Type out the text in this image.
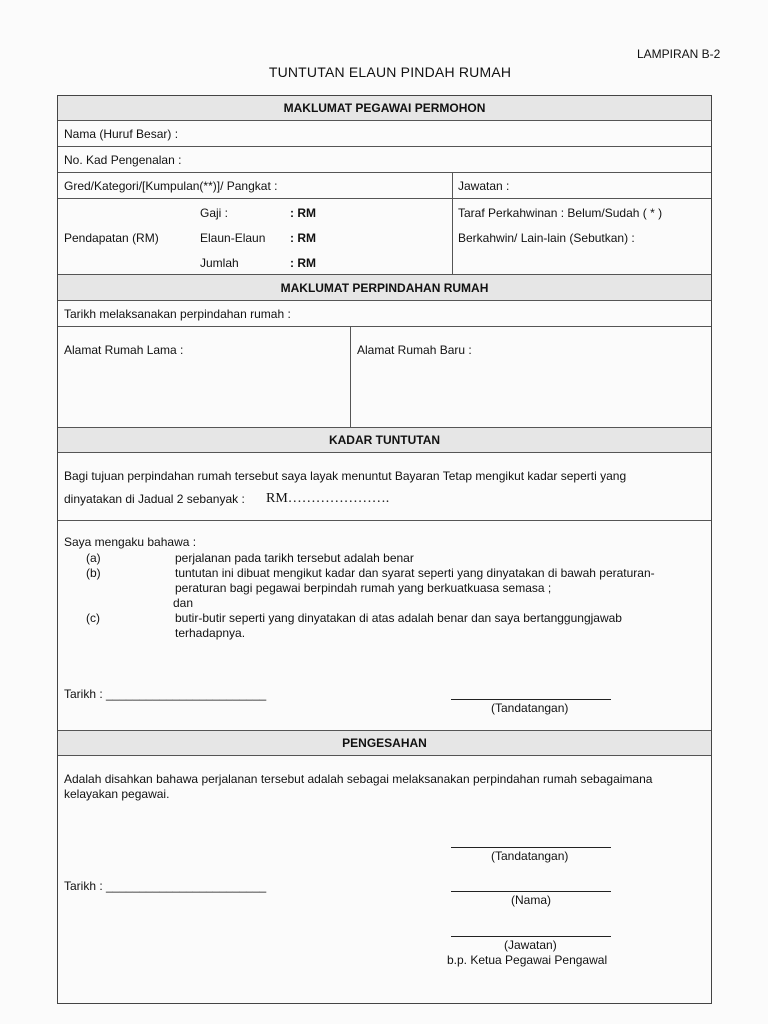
LAMPIRAN B-2
TUNTUTAN ELAUN PINDAH RUMAH
MAKLUMAT PEGAWAI PERMOHON
Nama (Huruf Besar) :
No. Kad Pengenalan :
Gred/Kategori/[Kumpulan(**)]/ Pangkat :	Jawatan :
Pendapatan (RM)
Gaji :	: RM
Elaun-Elaun : RM
Jumlah	: RM
Taraf Perkahwinan : Belum/Sudah ( * )
Berkahwin/ Lain-lain (Sebutkan) :
MAKLUMAT PERPINDAHAN RUMAH
Tarikh melaksanakan perpindahan rumah :
Alamat Rumah Lama :	Alamat Rumah Baru :
KADAR TUNTUTAN
Bagi tujuan perpindahan rumah tersebut saya layak menuntut Bayaran Tetap mengikut kadar seperti yang
dinyatakan di Jadual 2 sebanyak : RM………………….
Saya mengaku bahawa :
(a)	perjalanan pada tarikh tersebut adalah benar
(b)	tuntutan ini dibuat mengikut kadar dan syarat seperti yang dinyatakan di bawah peraturan-
peraturan bagi pegawai berpindah rumah yang berkuatkuasa semasa ;
dan
(c)	butir-butir seperti yang dinyatakan di atas adalah benar dan saya bertanggungjawab
terhadapnya.
Tarikh : ________________________
(Tandatangan)
PENGESAHAN
Adalah disahkan bahawa perjalanan tersebut adalah sebagai melaksanakan perpindahan rumah sebagaimana
kelayakan pegawai.
(Tandatangan)
Tarikh : ________________________
(Nama)
(Jawatan)
b.p. Ketua Pegawai Pengawal
